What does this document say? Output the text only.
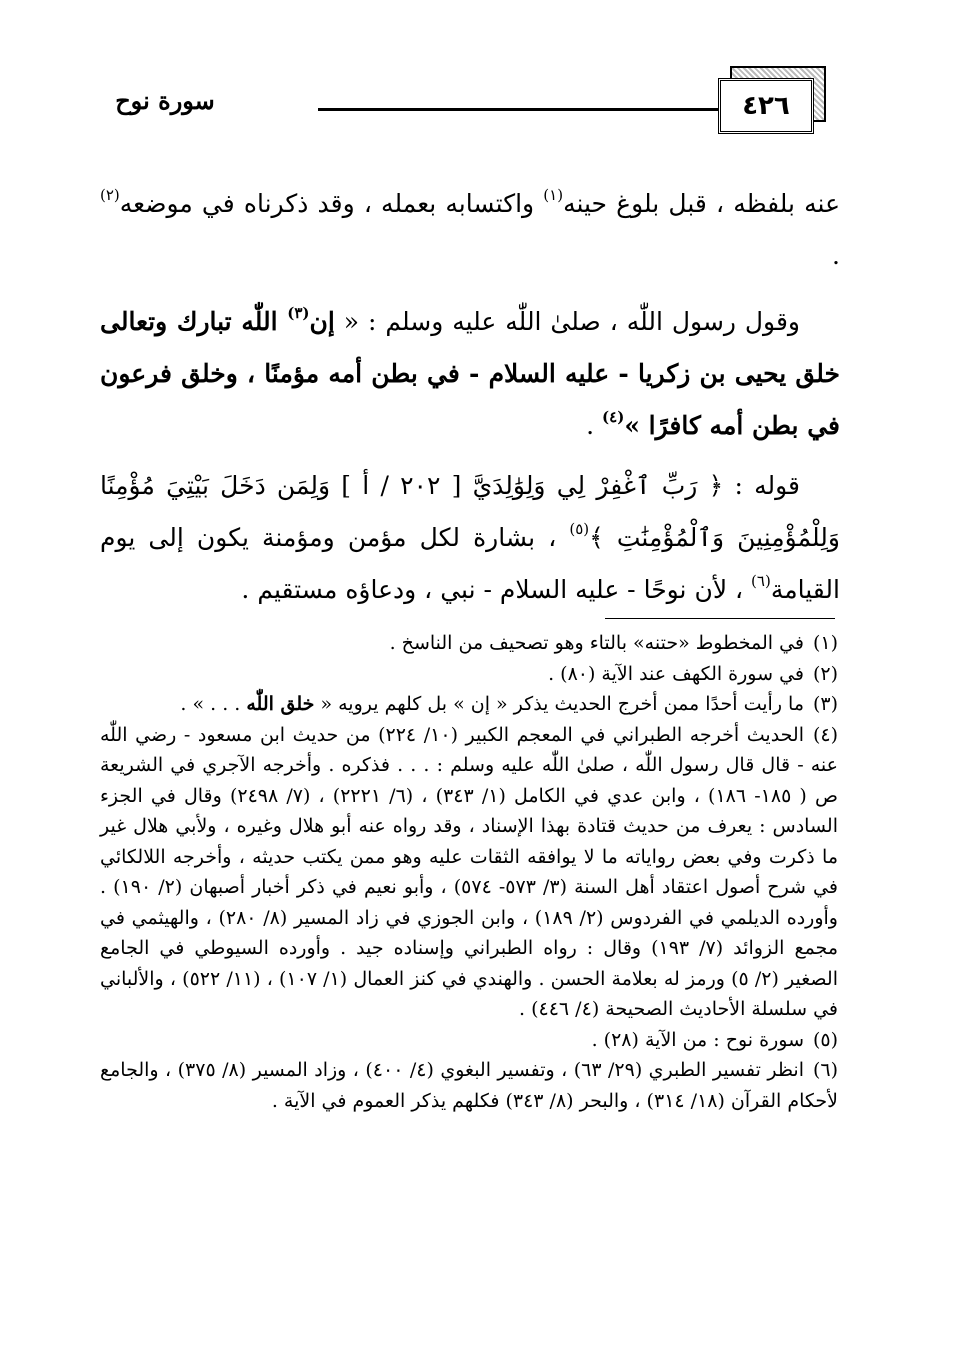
٤٢٦
سورة نوح
عنه بلفظه ، قبل بلوغ حينه$^{(١)}$ واكتسابه بعمله ، وقد ذكرناه في موضعه$^{(٢)}$ .
وقول رسول اللّٰه ، صلىٰ اللّٰه عليه وسلم : « إن$^{(٣)}$ اللّٰه تبارك وتعالى خلق يحيى بن زكريا - عليه السلام - في بطن أمه مؤمنًا ، وخلق فرعون في بطن أمه كافرًا »$^{(٤)}$ .
قوله : ﴿ رَبِّ ٱغْفِرْ لِي وَلِوَٰلِدَيَّ [ ٢٠٢ / أ ] وَلِمَن دَخَلَ بَيْتِيَ مُؤْمِنًا وَلِلْمُؤْمِنِينَ وَٱلْمُؤْمِنَٰتِ ﴾$^{(٥)}$ ، بشارة لكل مؤمن ومؤمنة يكون إلى يوم القيامة$^{(٦)}$ ، لأن نوحًا - عليه السلام - نبي ، ودعاؤه مستقيم .

(١)في المخطوط «حتنه» بالتاء وهو تصحيف من الناسخ .

(٢)في سورة الكهف عند الآية (٨٠) .

(٣)ما رأيت أحدًا ممن أخرج الحديث يذكر « إن » بل كلهم يرويه « خلق اللّٰه . . . » .

(٤)الحديث أخرجه الطبراني في المعجم الكبير (١٠/ ٢٢٤) من حديث ابن مسعود - رضي اللّٰه عنه - قال قال رسول اللّٰه ، صلىٰ اللّٰه عليه وسلم : . . . فذكره . وأخرجه الآجري في الشريعة ص ( ١٨٥- ١٨٦) ، وابن عدي في الكامل (١/ ٣٤٣) ، (٦/ ٢٢٢١) ، (٧/ ٢٤٩٨) وقال في الجزء السادس : يعرف من حديث قتادة بهذا الإسناد ، وقد رواه عنه أبو هلال وغيره ، ولأبي هلال غير ما ذكرت وفي بعض رواياته ما لا يوافقه الثقات عليه وهو ممن يكتب حديثه ، وأخرجه اللالكائي في شرح أصول اعتقاد أهل السنة (٣/ ٥٧٣- ٥٧٤) ، وأبو نعيم في ذكر أخبار أصبهان (٢/ ١٩٠) . وأورده الديلمي في الفردوس (٢/ ١٨٩) ، وابن الجوزي في زاد المسير (٨/ ٢٨٠) ، والهيثمي في مجمع الزوائد (٧/ ١٩٣) وقال : رواه الطبراني وإسناده جيد . وأورده السيوطي في الجامع الصغير (٢/ ٥) ورمز له بعلامة الحسن . والهندي في كنز العمال (١/ ١٠٧) ، (١١/ ٥٢٢) ، والألباني في سلسلة الأحاديث الصحيحة (٤/ ٤٤٦) .

(٥)سورة نوح : من الآية (٢٨) .

(٦)انظر تفسير الطبري (٢٩/ ٦٣) ، وتفسير البغوي (٤/ ٤٠٠) ، وزاد المسير (٨/ ٣٧٥) ، والجامع لأحكام القرآن (١٨/ ٣١٤) ، والبحر (٨/ ٣٤٣) فكلهم يذكر العموم في الآية .
